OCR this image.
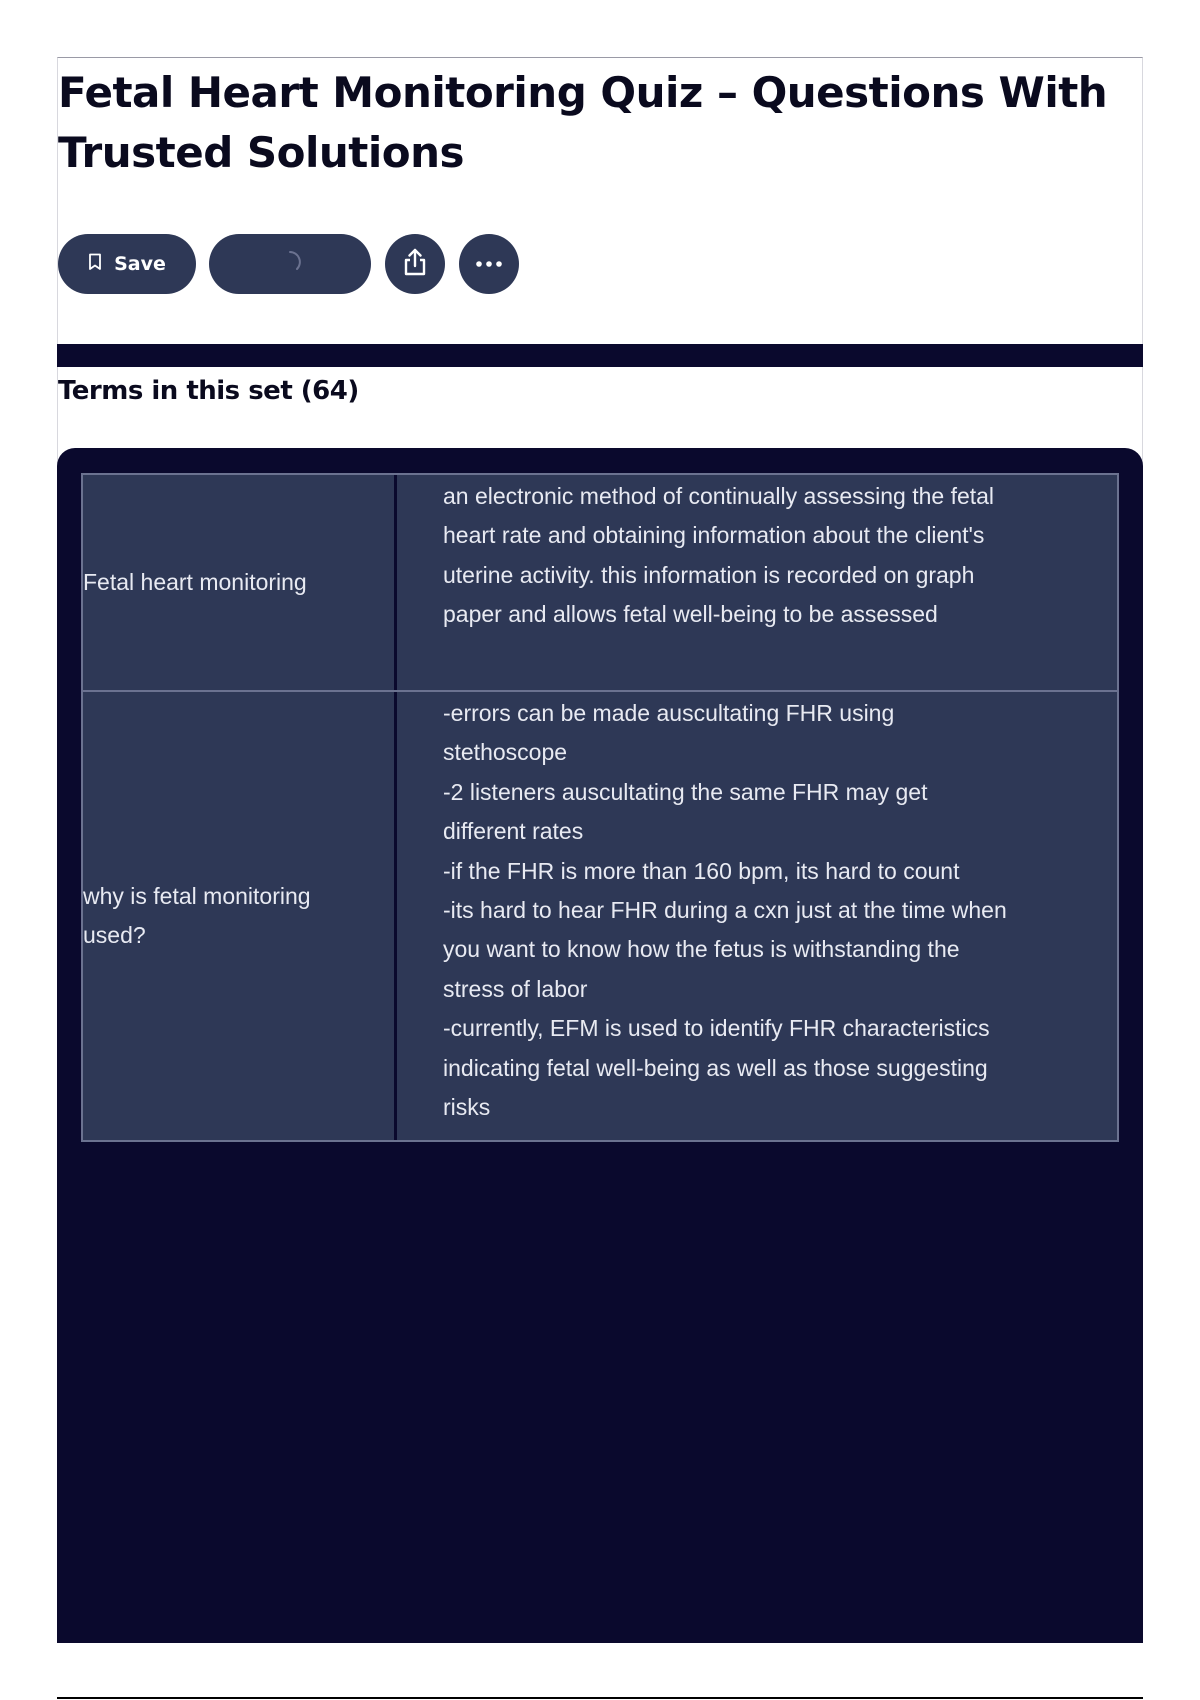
Fetal Heart Monitoring Quiz – Questions With Trusted Solutions
Save
Terms in this set (64)
Fetal heart monitoring
an electronic method of continually assessing the fetal heart rate and obtaining information about the client's uterine activity. this information is recorded on graph paper and allows fetal well-being to be assessed
why is fetal monitoring used?
-errors can be made auscultating FHR using stethoscope
-2 listeners auscultating the same FHR may get different rates
-if the FHR is more than 160 bpm, its hard to count
-its hard to hear FHR during a cxn just at the time when you want to know how the fetus is withstanding the stress of labor
-currently, EFM is used to identify FHR characteristics indicating fetal well-being as well as those suggesting risks
